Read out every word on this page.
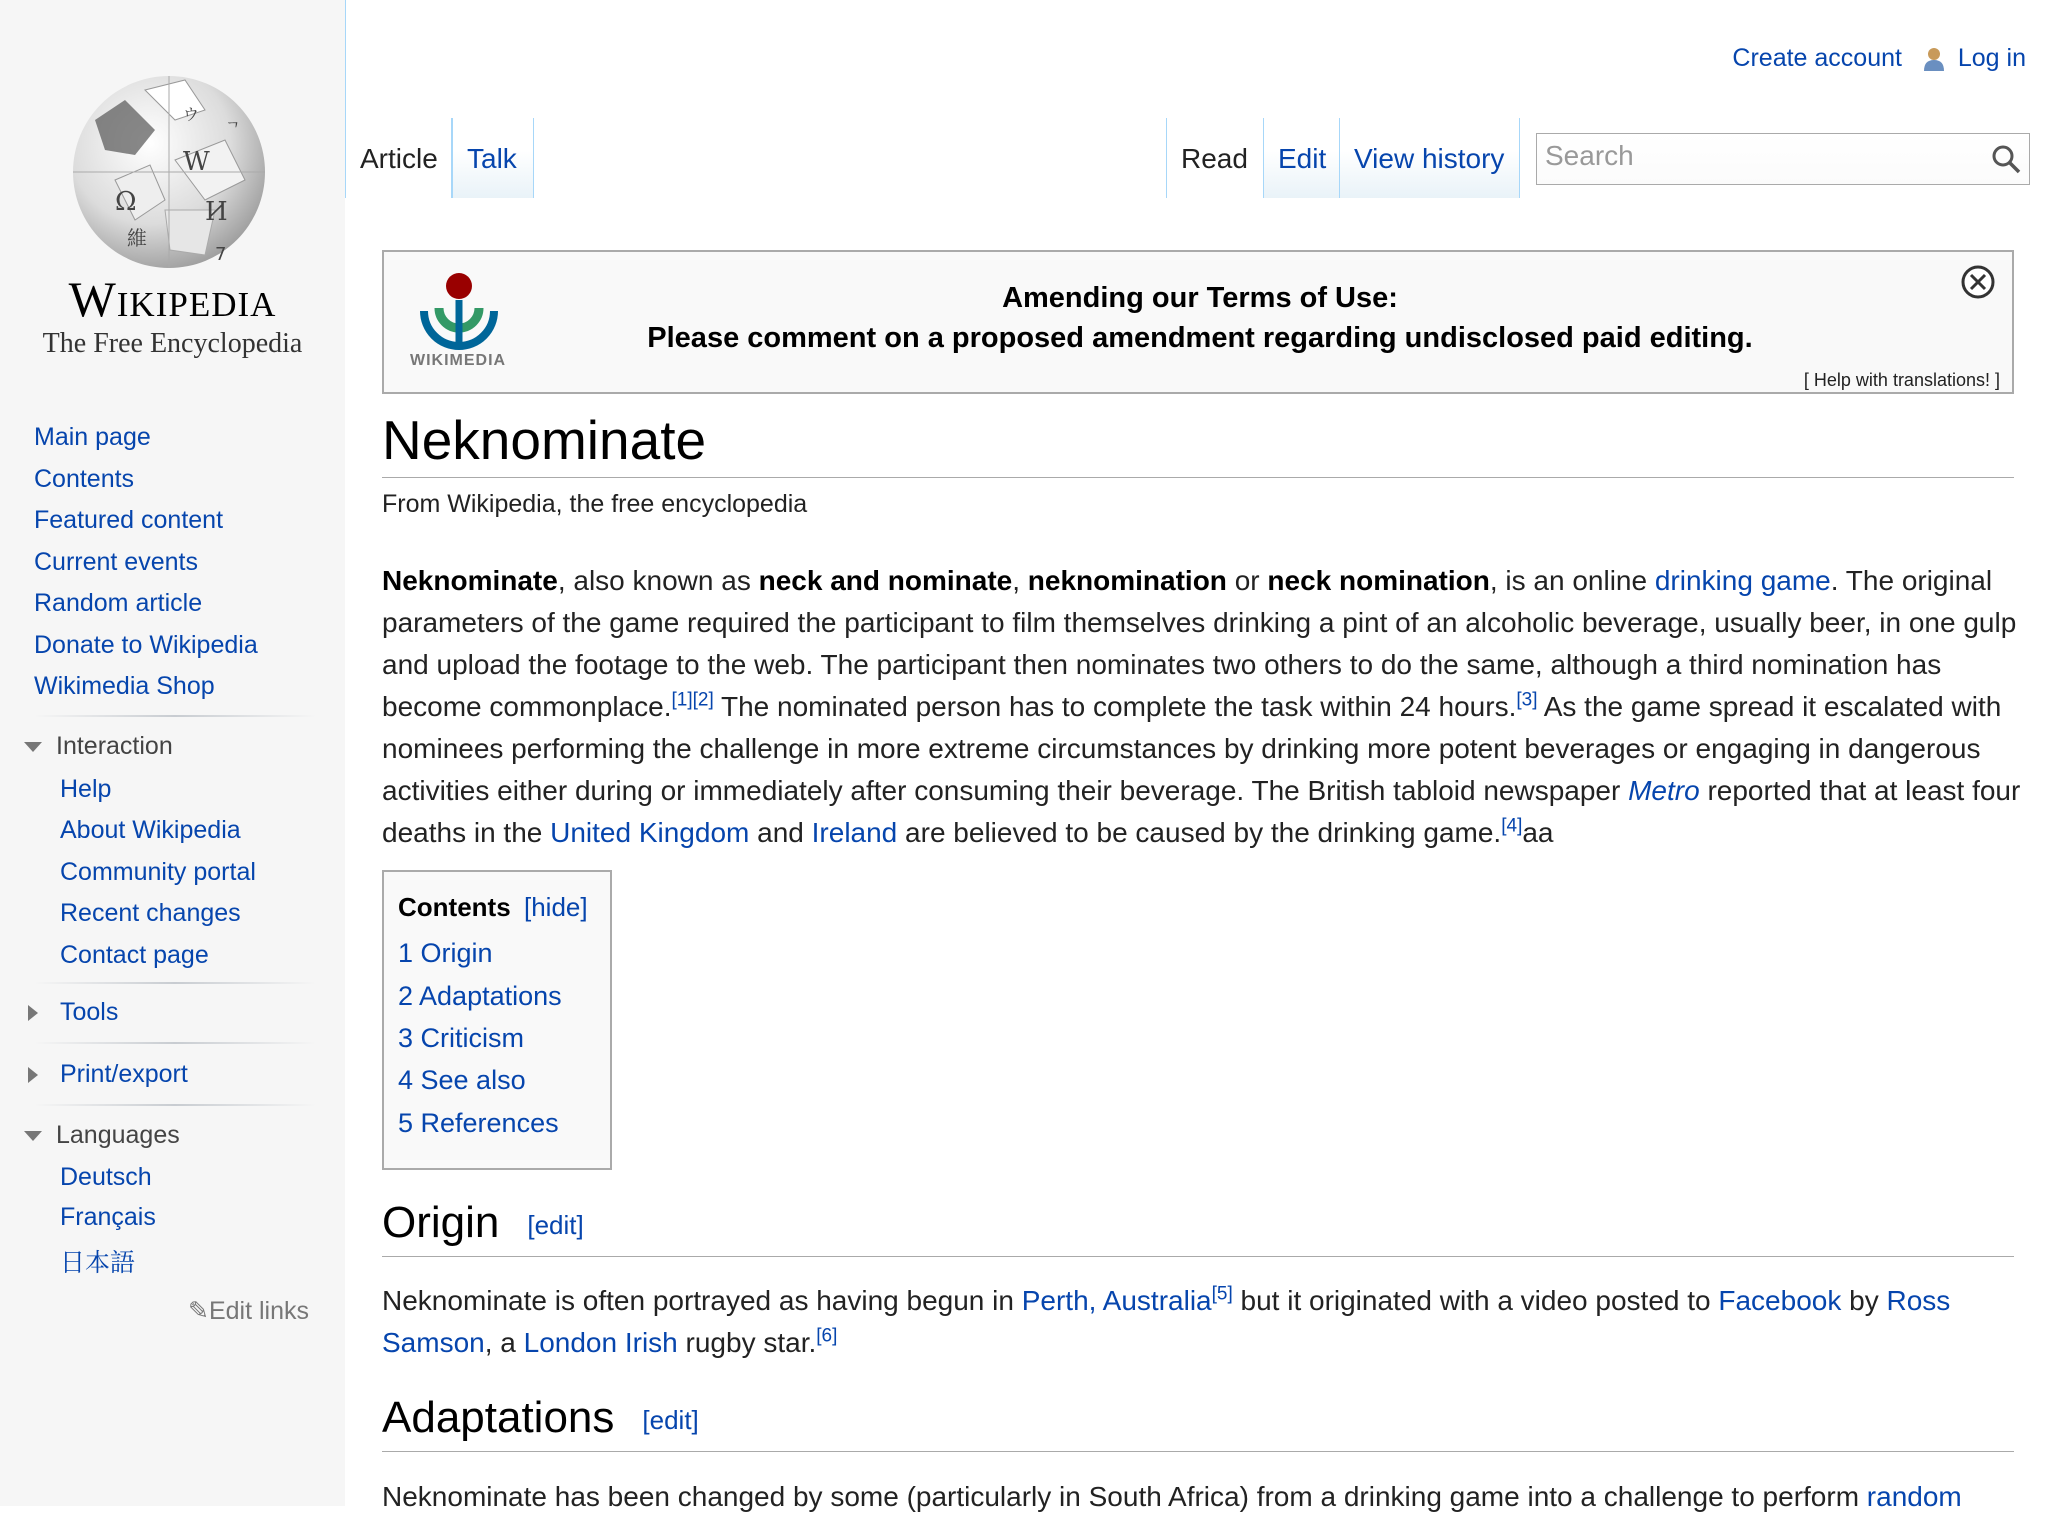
Ω
W
И
維
7
ウ
ᄀ
Wikipedia
The Free Encyclopedia
Main page
Contents
Featured content
Current events
Random article
Donate to Wikipedia
Wikimedia Shop
Interaction
Help
About Wikipedia
Community portal
Recent changes
Contact page
Tools
Print/export
Languages
Deutsch
Français
日本語
✎Edit links
Create account Log in
Article Talk	Read Edit View history	Search
WIKIMEDIA
Amending our Terms of Use:
Please comment on a proposed amendment regarding undisclosed paid editing.
[ Help with translations! ]
Neknominate
From Wikipedia, the free encyclopedia
Neknominate, also known as neck and nominate, neknomination or neck nomination, is an online drinking game. The original parameters of the game required the participant to film themselves drinking a pint of an alcoholic beverage, usually beer, in one gulp and upload the footage to the web. The participant then nominates two others to do the same, although a third nomination has become commonplace.[1][2] The nominated person has to complete the task within 24 hours.[3] As the game spread it escalated with nominees performing the challenge in more extreme circumstances by drinking more potent beverages or engaging in dangerous activities either during or immediately after consuming their beverage. The British tabloid newspaper Metro reported that at least four deaths in the United Kingdom and Ireland are believed to be caused by the drinking game.[4]aa
Contents [hide]
1 Origin
2 Adaptations
3 Criticism
4 See also
5 References
Origin [edit]
Neknominate is often portrayed as having begun in Perth, Australia[5] but it originated with a video posted to Facebook by Ross Samson, a London Irish rugby star.[6]
Adaptations [edit]
Neknominate has been changed by some (particularly in South Africa) from a drinking game into a challenge to perform random
